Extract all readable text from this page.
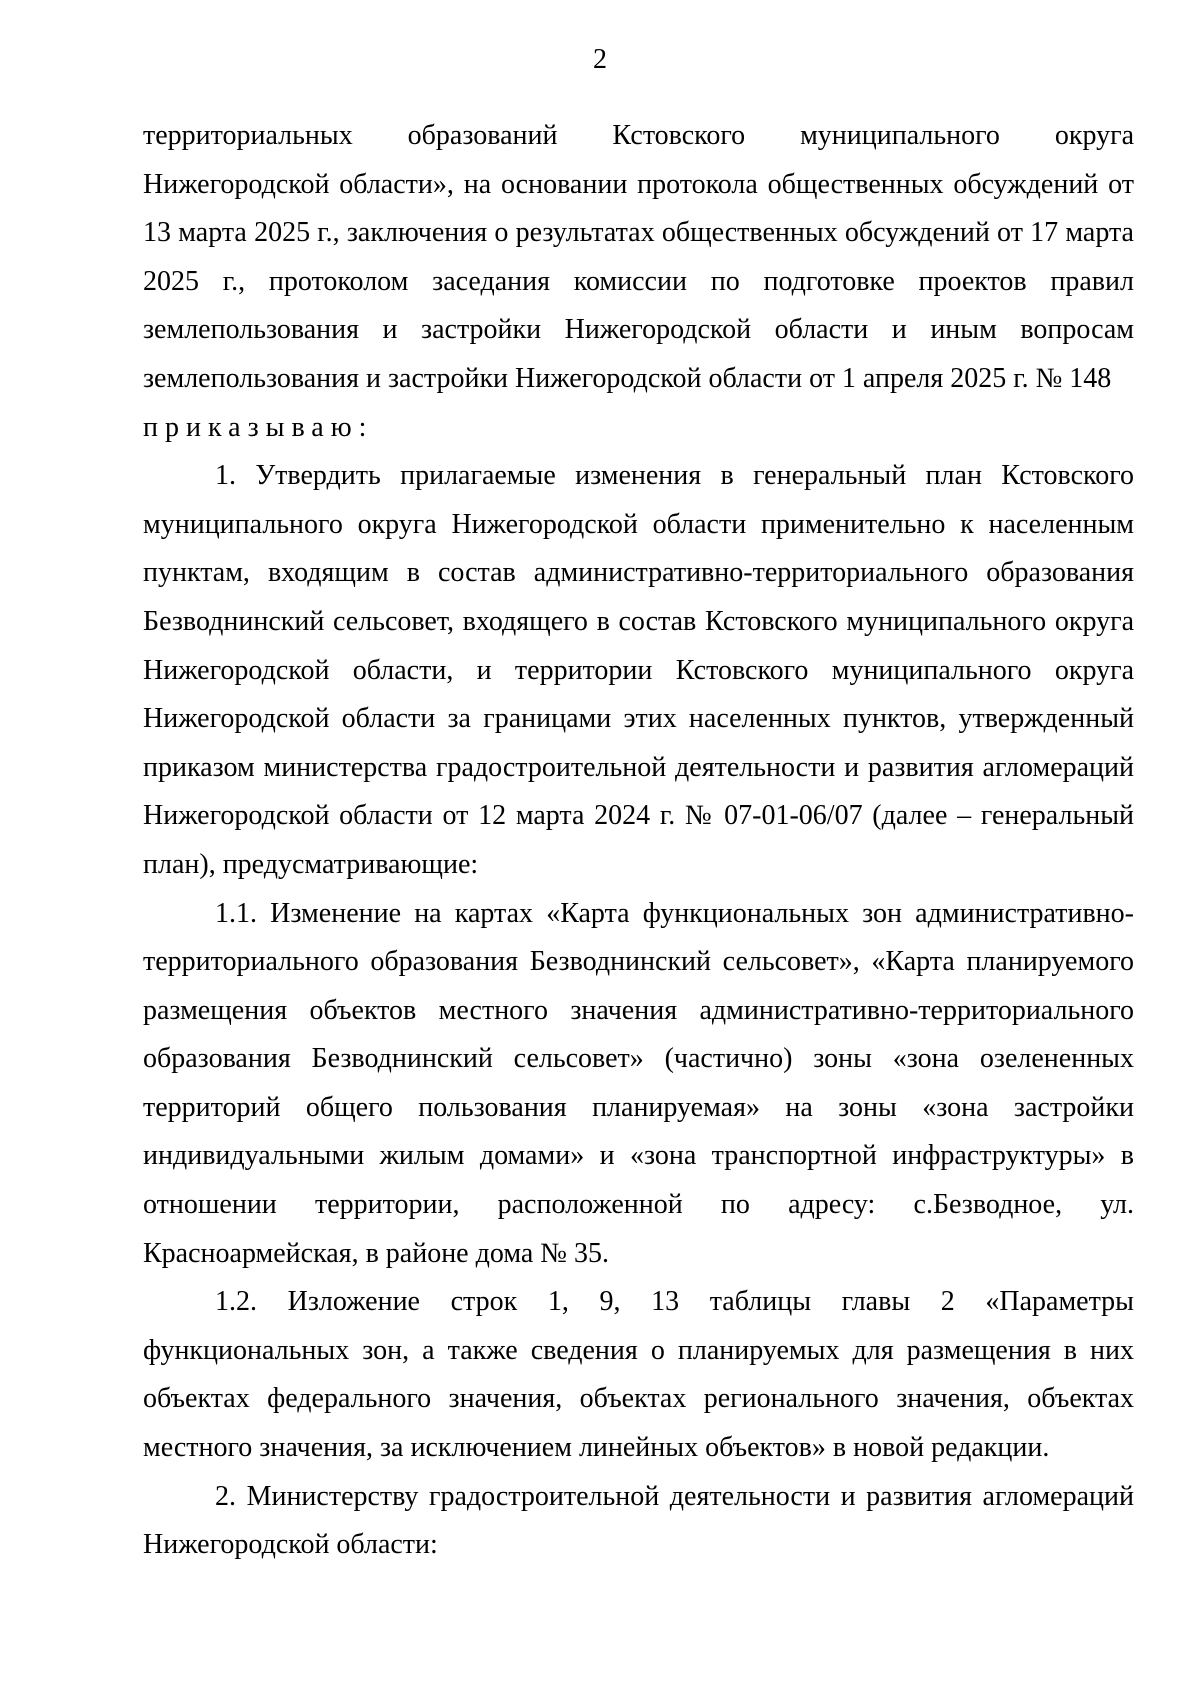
2

территориальных образований Кстовского муниципального округа Нижегородской области», на основании протокола общественных обсуждений от 13 марта 2025 г., заключения о результатах общественных обсуждений от 17 марта 2025 г., протоколом заседания комиссии по подготовке проектов правил землепользования и застройки Нижегородской области и иным вопросам землепользования и застройки Нижегородской области от 1 апреля 2025 г. № 148

приказываю:

1. Утвердить прилагаемые изменения в генеральный план Кстовского муниципального округа Нижегородской области применительно к населенным пунктам, входящим в состав административно-территориального образования Безводнинский сельсовет, входящего в состав Кстовского муниципального округа Нижегородской области, и территории Кстовского муниципального округа Нижегородской области за границами этих населенных пунктов, утвержденный приказом министерства градостроительной деятельности и развития агломераций Нижегородской области от 12 марта 2024 г. № 07-01-06/07 (далее – генеральный план), предусматривающие:

1.1. Изменение на картах «Карта функциональных зон административно-территориального образования Безводнинский сельсовет», «Карта планируемого размещения объектов местного значения административно-территориального образования Безводнинский сельсовет» (частично) зоны «зона озелененных территорий общего пользования планируемая» на зоны «зона застройки индивидуальными жилым домами» и «зона транспортной инфраструктуры» в отношении территории, расположенной по адресу: с.Безводное, ул. Красноармейская, в районе дома № 35.

1.2. Изложение строк 1, 9, 13 таблицы главы 2 «Параметры функциональных зон, а также сведения о планируемых для размещения в них объектах федерального значения, объектах регионального значения, объектах местного значения, за исключением линейных объектов» в новой редакции.

2. Министерству градостроительной деятельности и развития агломераций Нижегородской области:
